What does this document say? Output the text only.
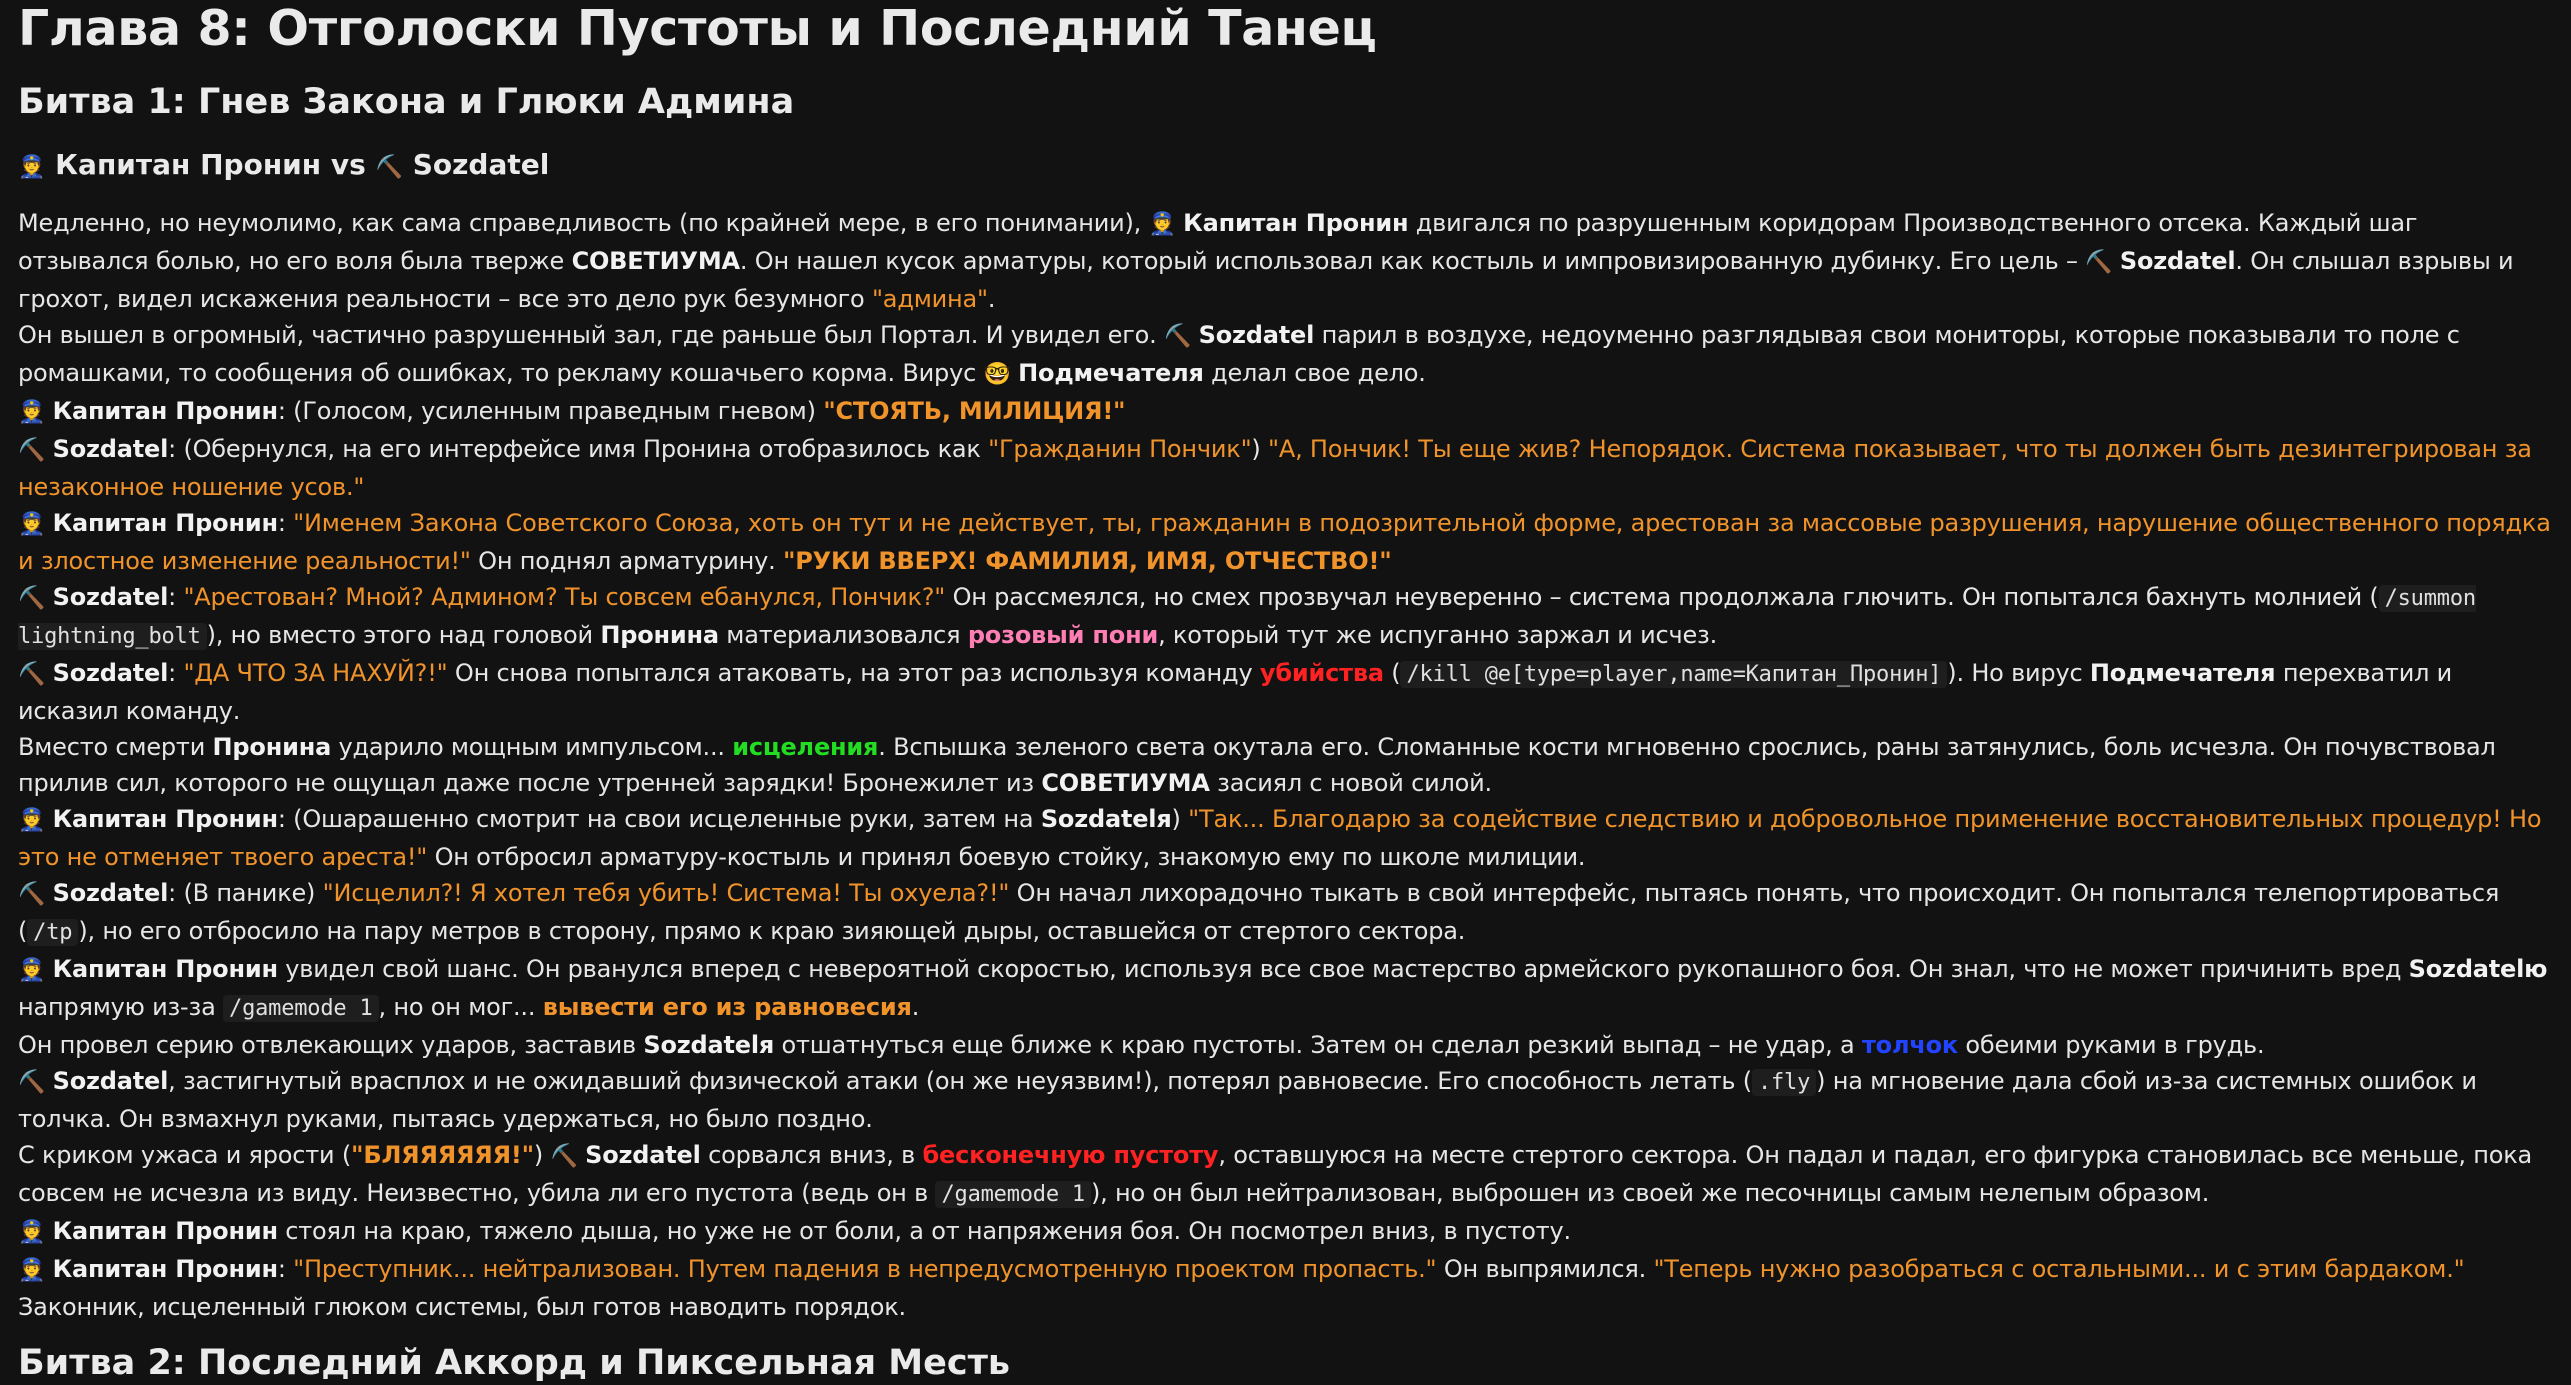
Глава 8: Отголоски Пустоты и Последний Танец
Битва 1: Гнев Закона и Глюки Админа
👮 Капитан Пронин vs ⛏️ Sozdatel

Медленно, но неумолимо, как сама справедливость (по крайней мере, в его понимании), 👮 Капитан Пронин двигался по разрушенным коридорам Производственного отсека. Каждый шаг отзывался болью, но его воля была тверже СОВЕТИУМА. Он нашел кусок арматуры, который использовал как костыль и импровизированную дубинку. Его цель – ⛏️ Sozdatel. Он слышал взрывы и грохот, видел искажения реальности – все это дело рук безумного "админа".

Он вышел в огромный, частично разрушенный зал, где раньше был Портал. И увидел его. ⛏️ Sozdatel парил в воздухе, недоуменно разглядывая свои мониторы, которые показывали то поле с ромашками, то сообщения об ошибках, то рекламу кошачьего корма. Вирус 🤓 Подмечателя делал свое дело.

👮 Капитан Пронин: (Голосом, усиленным праведным гневом) "СТОЯТЬ, МИЛИЦИЯ!"

⛏️ Sozdatel: (Обернулся, на его интерфейсе имя Пронина отобразилось как "Гражданин Пончик") "А, Пончик! Ты еще жив? Непорядок. Система показывает, что ты должен быть дезинтегрирован за незаконное ношение усов."

👮 Капитан Пронин: "Именем Закона Советского Союза, хоть он тут и не действует, ты, гражданин в подозрительной форме, арестован за массовые разрушения, нарушение общественного порядка и злостное изменение реальности!" Он поднял арматурину. "РУКИ ВВЕРХ! ФАМИЛИЯ, ИМЯ, ОТЧЕСТВО!"

⛏️ Sozdatel: "Арестован? Мной? Админом? Ты совсем ебанулся, Пончик?" Он рассмеялся, но смех прозвучал неуверенно – система продолжала глючить. Он попытался бахнуть молнией ( /summon lightning_bolt ), но вместо этого над головой Пронина материализовался розовый пони, который тут же испуганно заржал и исчез.

⛏️ Sozdatel: "ДА ЧТО ЗА НАХУЙ?!" Он снова попытался атаковать, на этот раз используя команду убийства ( /kill @e[type=player,name=Капитан_Пронин] ). Но вирус Подмечателя перехватил и исказил команду.

Вместо смерти Пронина ударило мощным импульсом... исцеления. Вспышка зеленого света окутала его. Сломанные кости мгновенно срослись, раны затянулись, боль исчезла. Он почувствовал прилив сил, которого не ощущал даже после утренней зарядки! Бронежилет из СОВЕТИУМА засиял с новой силой.

👮 Капитан Пронин: (Ошарашенно смотрит на свои исцеленные руки, затем на Sozdatelя) "Так... Благодарю за содействие следствию и добровольное применение восстановительных процедур! Но это не отменяет твоего ареста!" Он отбросил арматуру-костыль и принял боевую стойку, знакомую ему по школе милиции.

⛏️ Sozdatel: (В панике) "Исцелил?! Я хотел тебя убить! Система! Ты охуела?!" Он начал лихорадочно тыкать в свой интерфейс, пытаясь понять, что происходит. Он попытался телепортироваться ( /tp ), но его отбросило на пару метров в сторону, прямо к краю зияющей дыры, оставшейся от стертого сектора.

👮 Капитан Пронин увидел свой шанс. Он рванулся вперед с невероятной скоростью, используя все свое мастерство армейского рукопашного боя. Он знал, что не может причинить вред Sozdatelю напрямую из-за /gamemode 1 , но он мог... вывести его из равновесия.

Он провел серию отвлекающих ударов, заставив Sozdatelя отшатнуться еще ближе к краю пустоты. Затем он сделал резкий выпад – не удар, а толчок обеими руками в грудь.

⛏️ Sozdatel, застигнутый врасплох и не ожидавший физической атаки (он же неуязвим!), потерял равновесие. Его способность летать ( .fly ) на мгновение дала сбой из-за системных ошибок и толчка. Он взмахнул руками, пытаясь удержаться, но было поздно.

С криком ужаса и ярости ("БЛЯЯЯЯЯЯ!") ⛏️ Sozdatel сорвался вниз, в бесконечную пустоту, оставшуюся на месте стертого сектора. Он падал и падал, его фигурка становилась все меньше, пока совсем не исчезла из виду. Неизвестно, убила ли его пустота (ведь он в /gamemode 1 ), но он был нейтрализован, выброшен из своей же песочницы самым нелепым образом.

👮 Капитан Пронин стоял на краю, тяжело дыша, но уже не от боли, а от напряжения боя. Он посмотрел вниз, в пустоту.

👮 Капитан Пронин: "Преступник... нейтрализован. Путем падения в непредусмотренную проектом пропасть." Он выпрямился. "Теперь нужно разобраться с остальными... и с этим бардаком." Законник, исцеленный глюком системы, был готов наводить порядок.

Битва 2: Последний Аккорд и Пиксельная Месть
